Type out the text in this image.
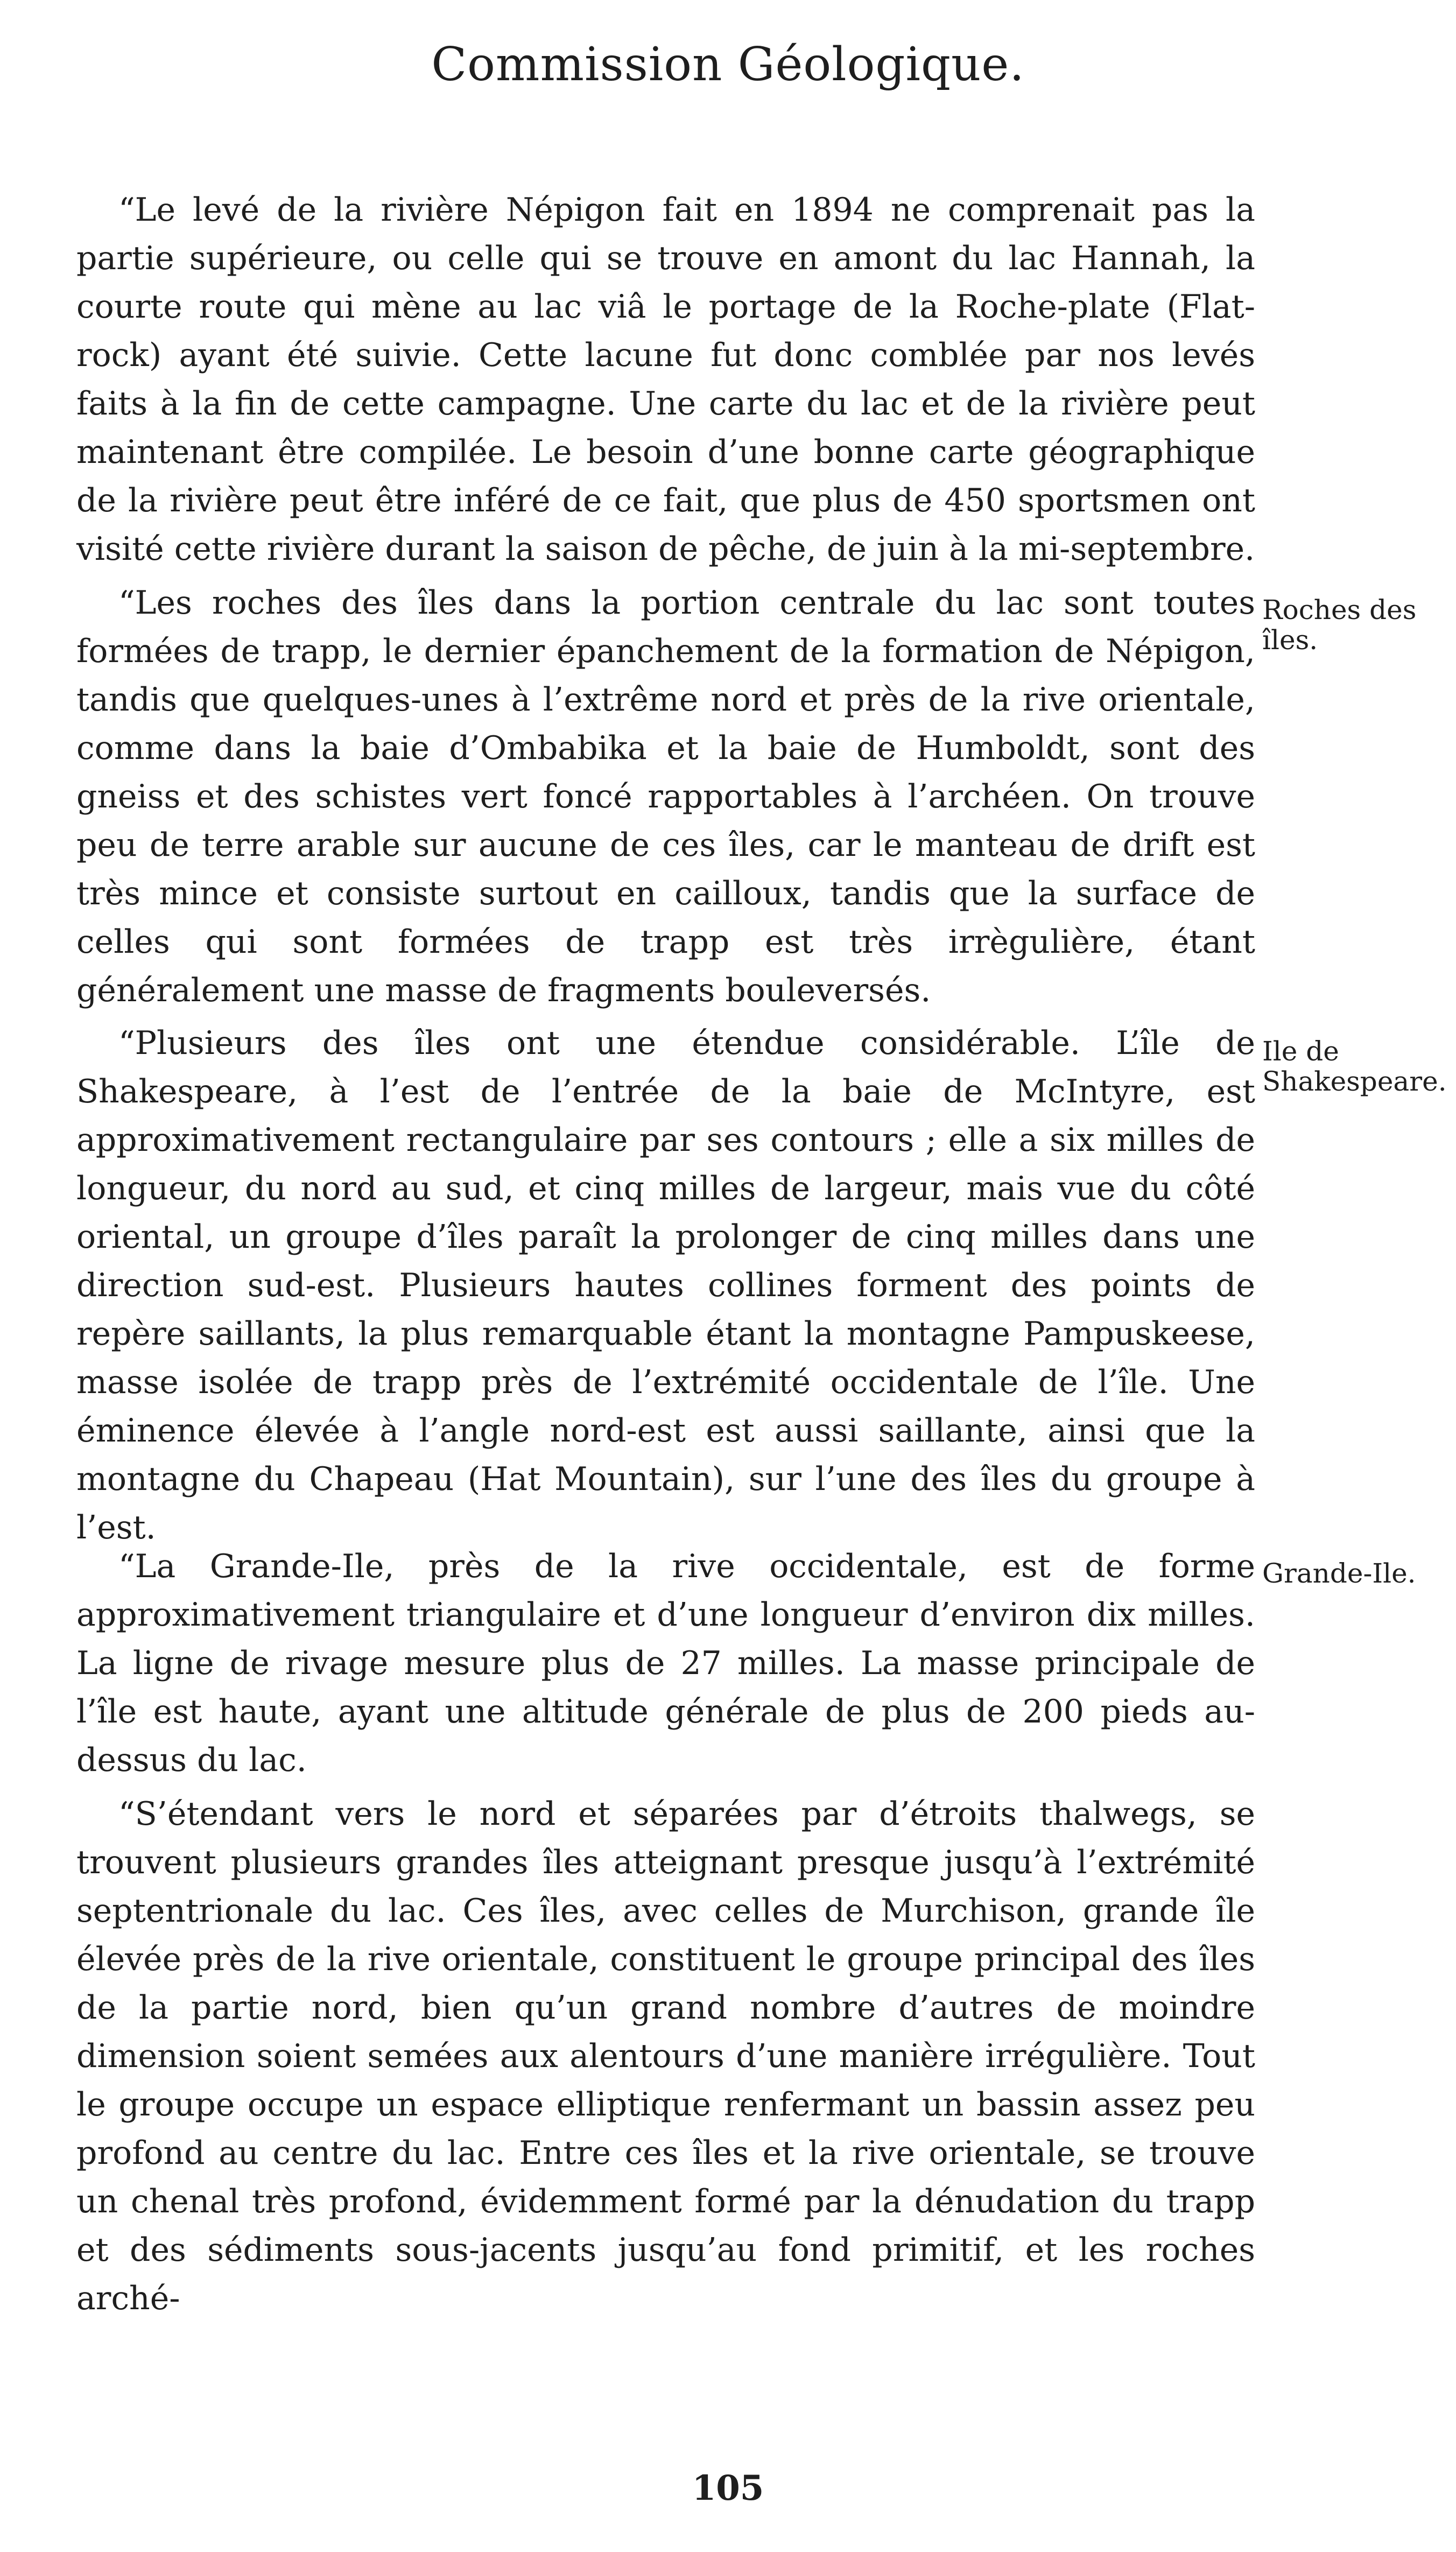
Commission Géologique.

“Le levé de la rivière Népigon fait en 1894 ne comprenait pas la partie supérieure, ou celle qui se trouve en amont du lac Hannah, la courte route qui mène au lac viâ le portage de la Roche-plate (Flat-rock) ayant été suivie. Cette lacune fut donc comblée par nos levés faits à la fin de cette campagne. Une carte du lac et de la rivière peut maintenant être compilée. Le besoin d’une bonne carte géographique de la rivière peut être inféré de ce fait, que plus de 450 sportsmen ont visité cette rivière durant la saison de pêche, de juin à la mi-septembre.

“Les roches des îles dans la portion centrale du lac sont toutes formées de trapp, le dernier épanchement de la formation de Népigon, tandis que quelques-unes à l’extrême nord et près de la rive orientale, comme dans la baie d’Ombabika et la baie de Humboldt, sont des gneiss et des schistes vert foncé rapportables à l’archéen. On trouve peu de terre arable sur aucune de ces îles, car le manteau de drift est très mince et consiste surtout en cailloux, tandis que la surface de celles qui sont formées de trapp est très irrègulière, étant généralement une masse de fragments bouleversés.

“Plusieurs des îles ont une étendue considérable. L’île de Shakespeare, à l’est de l’entrée de la baie de McIntyre, est approximativement rectangulaire par ses contours ; elle a six milles de longueur, du nord au sud, et cinq milles de largeur, mais vue du côté oriental, un groupe d’îles paraît la prolonger de cinq milles dans une direction sud-est. Plusieurs hautes collines forment des points de repère saillants, la plus remarquable étant la montagne Pampuskeese, masse isolée de trapp près de l’extrémité occidentale de l’île. Une éminence élevée à l’angle nord-est est aussi saillante, ainsi que la montagne du Chapeau (Hat Mountain), sur l’une des îles du groupe à l’est.

“La Grande-Ile, près de la rive occidentale, est de forme approximativement triangulaire et d’une longueur d’environ dix milles. La ligne de rivage mesure plus de 27 milles. La masse principale de l’île est haute, ayant une altitude générale de plus de 200 pieds au-dessus du lac.

“S’étendant vers le nord et séparées par d’étroits thalwegs, se trouvent plusieurs grandes îles atteignant presque jusqu’à l’extrémité septentrionale du lac. Ces îles, avec celles de Murchison, grande île élevée près de la rive orientale, constituent le groupe principal des îles de la partie nord, bien qu’un grand nombre d’autres de moindre dimension soient semées aux alentours d’une manière irrégulière. Tout le groupe occupe un espace elliptique renfermant un bassin assez peu profond au centre du lac. Entre ces îles et la rive orientale, se trouve un chenal très profond, évidemment formé par la dénudation du trapp et des sédiments sous-jacents jusqu’au fond primitif, et les roches arché-

Roches des îles.
Ile de Shakespeare.
Grande-Ile.
105
